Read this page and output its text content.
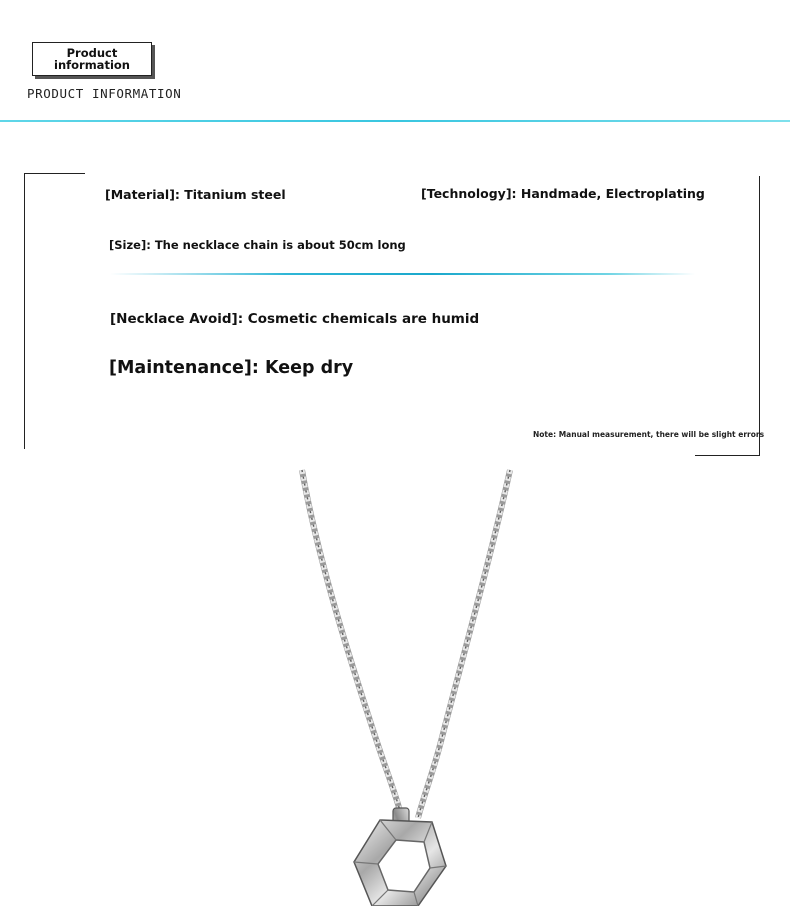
Product
information
PRODUCT INFORMATION
[Material]: Titanium steel	[Technology]: Handmade, Electroplating
[Size]: The necklace chain is about 50cm long
[Necklace Avoid]: Cosmetic chemicals are humid
[Maintenance]: Keep dry
Note: Manual measurement, there will be slight errors
